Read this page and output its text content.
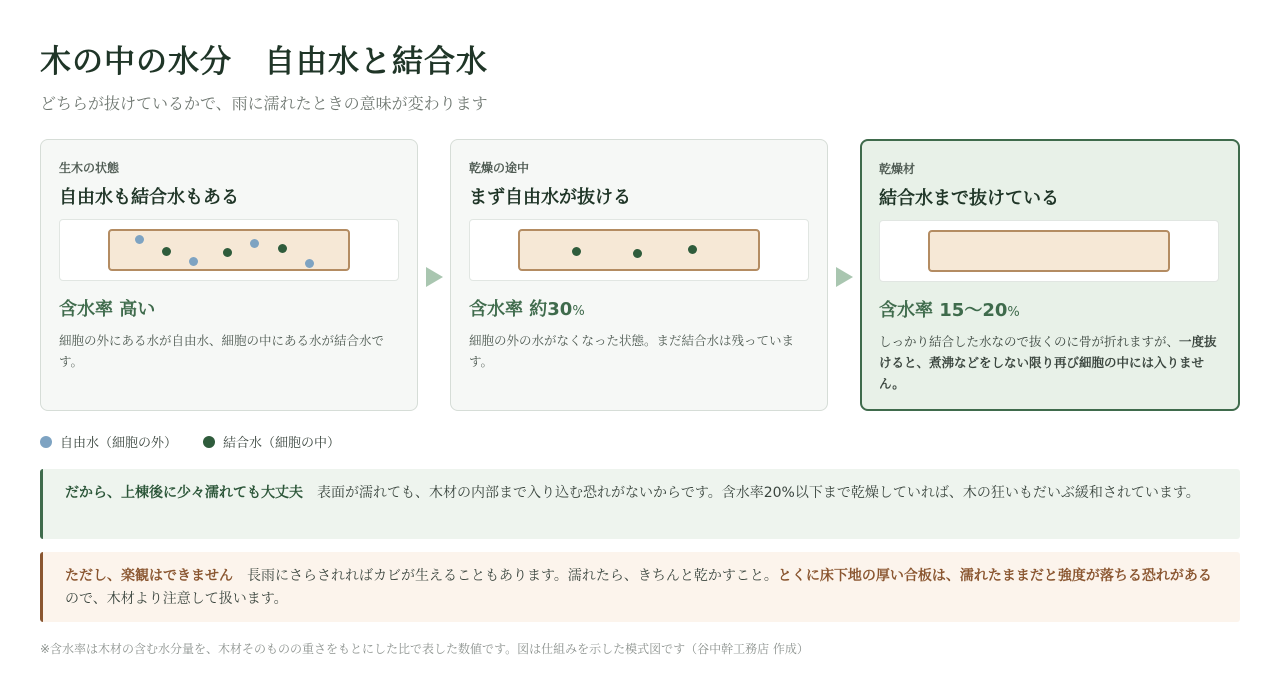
木の中の水分　自由水と結合水
どちらが抜けているかで、雨に濡れたときの意味が変わります
生木の状態
自由水も結合水もある
含水率 高い
細胞の外にある水が自由水、細胞の中にある水が結合水です。
乾燥の途中
まず自由水が抜ける
含水率 約30%
細胞の外の水がなくなった状態。まだ結合水は残っています。
乾燥材
結合水まで抜けている
含水率 15〜20%
しっかり結合した水なので抜くのに骨が折れますが、一度抜けると、煮沸などをしない限り再び細胞の中には入りません。
自由水（細胞の外）	結合水（細胞の中）
だから、上棟後に少々濡れても大丈夫 表面が濡れても、木材の内部まで入り込む恐れがないからです。含水率20%以下まで乾燥していれば、木の狂いもだいぶ緩和されています。
ただし、楽観はできません 長雨にさらされればカビが生えることもあります。濡れたら、きちんと乾かすこと。とくに床下地の厚い合板は、濡れたままだと強度が落ちる恐れがあるので、木材より注意して扱います。
※含水率は木材の含む水分量を、木材そのものの重さをもとにした比で表した数値です。図は仕組みを示した模式図です（谷中幹工務店 作成）
